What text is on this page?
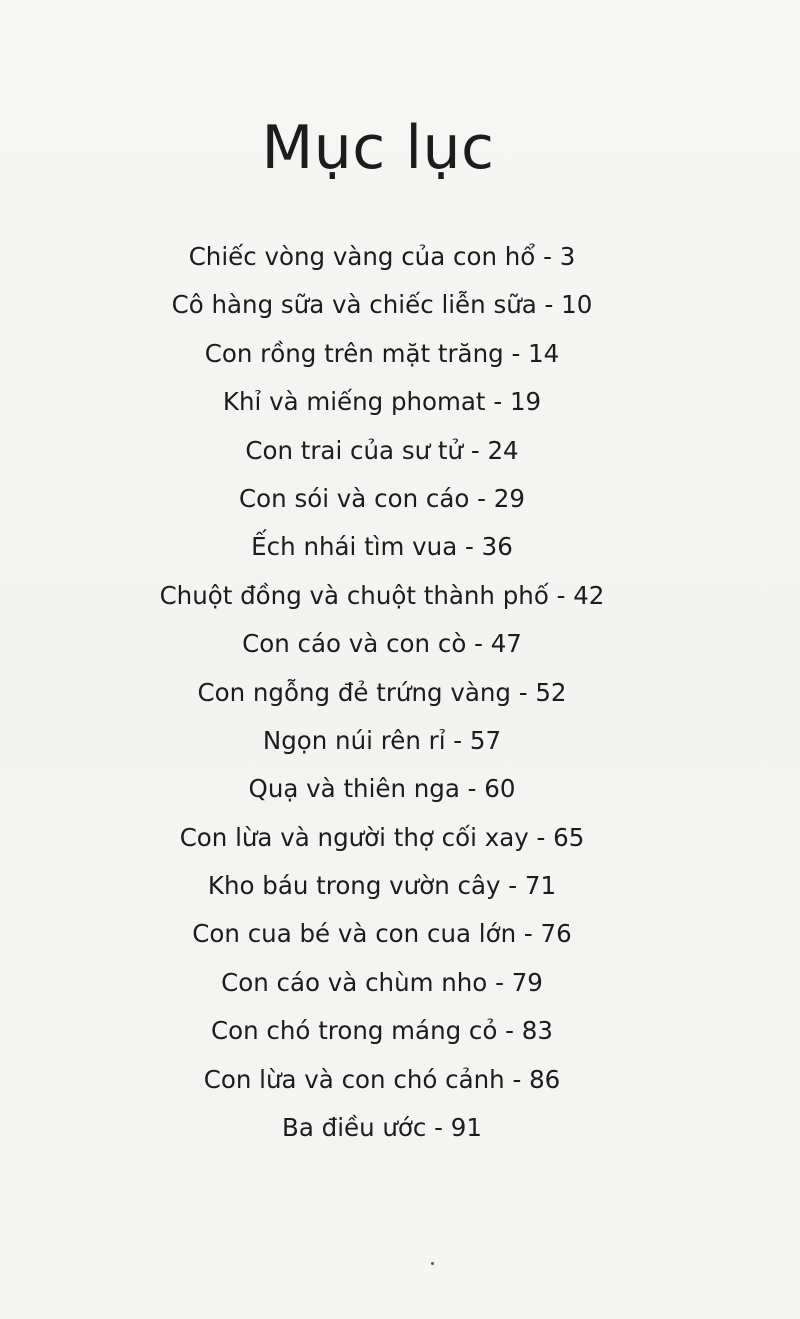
Mục lục
Chiếc vòng vàng của con hổ - 3
Cô hàng sữa và chiếc liễn sữa - 10
Con rồng trên mặt trăng - 14
Khỉ và miếng phomat - 19
Con trai của sư tử - 24
Con sói và con cáo - 29
Ếch nhái tìm vua - 36
Chuột đồng và chuột thành phố - 42
Con cáo và con cò - 47
Con ngỗng đẻ trứng vàng - 52
Ngọn núi rên rỉ - 57
Quạ và thiên nga - 60
Con lừa và người thợ cối xay - 65
Kho báu trong vườn cây - 71
Con cua bé và con cua lớn - 76
Con cáo và chùm nho - 79
Con chó trong máng cỏ - 83
Con lừa và con chó cảnh - 86
Ba điều ước - 91
